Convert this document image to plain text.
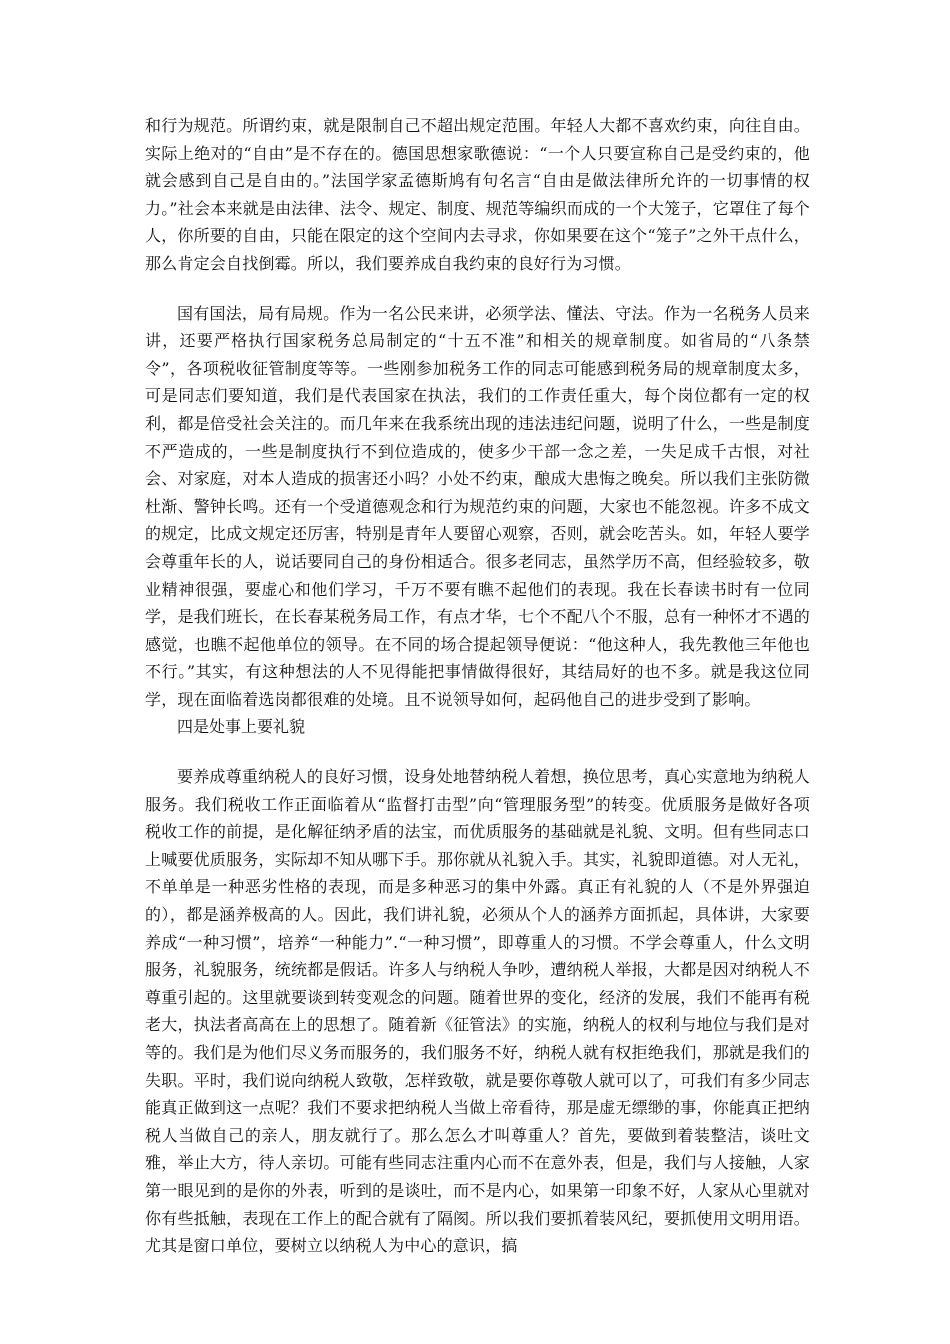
和行为规范。所谓约束，就是限制自己不超出规定范围。年轻人大都不喜欢约束，向往自由。实际上绝对的“自由”是不存在的。德国思想家歌德说：“一个人只要宣称自己是受约束的，他就会感到自己是自由的。”法国学家孟德斯鸠有句名言“自由是做法律所允许的一切事情的权力。”社会本来就是由法律、法令、规定、制度、规范等编织而成的一个大笼子，它罩住了每个人，你所要的自由，只能在限定的这个空间内去寻求，你如果要在这个“笼子”之外干点什么，那么肯定会自找倒霉。所以，我们要养成自我约束的良好行为习惯。

国有国法，局有局规。作为一名公民来讲，必须学法、懂法、守法。作为一名税务人员来讲，还要严格执行国家税务总局制定的“十五不准”和相关的规章制度。如省局的“八条禁令”，各项税收征管制度等等。一些刚参加税务工作的同志可能感到税务局的规章制度太多，可是同志们要知道，我们是代表国家在执法，我们的工作责任重大，每个岗位都有一定的权利，都是倍受社会关注的。而几年来在我系统出现的违法违纪问题，说明了什么，一些是制度不严造成的，一些是制度执行不到位造成的，使多少干部一念之差，一失足成千古恨，对社会、对家庭，对本人造成的损害还小吗？小处不约束，酿成大患悔之晚矣。所以我们主张防微杜渐、警钟长鸣。还有一个受道德观念和行为规范约束的问题，大家也不能忽视。许多不成文的规定，比成文规定还厉害，特别是青年人要留心观察，否则，就会吃苦头。如，年轻人要学会尊重年长的人，说话要同自己的身份相适合。很多老同志，虽然学历不高，但经验较多，敬业精神很强，要虚心和他们学习，千万不要有瞧不起他们的表现。我在长春读书时有一位同学，是我们班长，在长春某税务局工作，有点才华，七个不配八个不服，总有一种怀才不遇的感觉，也瞧不起他单位的领导。在不同的场合提起领导便说：“他这种人，我先教他三年他也不行。”其实，有这种想法的人不见得能把事情做得很好，其结局好的也不多。就是我这位同学，现在面临着选岗都很难的处境。且不说领导如何，起码他自己的进步受到了影响。

四是处事上要礼貌

要养成尊重纳税人的良好习惯，设身处地替纳税人着想，换位思考，真心实意地为纳税人服务。我们税收工作正面临着从“监督打击型”向“管理服务型”的转变。优质服务是做好各项税收工作的前提，是化解征纳矛盾的法宝，而优质服务的基础就是礼貌、文明。但有些同志口上喊要优质服务，实际却不知从哪下手。那你就从礼貌入手。其实，礼貌即道德。对人无礼，不单单是一种恶劣性格的表现，而是多种恶习的集中外露。真正有礼貌的人（不是外界强迫的），都是涵养极高的人。因此，我们讲礼貌，必须从个人的涵养方面抓起，具体讲，大家要养成“一种习惯”，培养“一种能力”.“一种习惯”，即尊重人的习惯。不学会尊重人，什么文明服务，礼貌服务，统统都是假话。许多人与纳税人争吵，遭纳税人举报，大都是因对纳税人不尊重引起的。这里就要谈到转变观念的问题。随着世界的变化，经济的发展，我们不能再有税老大，执法者高高在上的思想了。随着新《征管法》的实施，纳税人的权利与地位与我们是对等的。我们是为他们尽义务而服务的，我们服务不好，纳税人就有权拒绝我们，那就是我们的失职。平时，我们说向纳税人致敬，怎样致敬，就是要你尊敬人就可以了，可我们有多少同志能真正做到这一点呢？我们不要求把纳税人当做上帝看待，那是虚无缥缈的事，你能真正把纳税人当做自己的亲人，朋友就行了。那么怎么才叫尊重人？首先，要做到着装整洁，谈吐文雅，举止大方，待人亲切。可能有些同志注重内心而不在意外表，但是，我们与人接触，人家第一眼见到的是你的外表，听到的是谈吐，而不是内心，如果第一印象不好，人家从心里就对你有些抵触，表现在工作上的配合就有了隔阂。所以我们要抓着装风纪，要抓使用文明用语。尤其是窗口单位，要树立以纳税人为中心的意识，搞
